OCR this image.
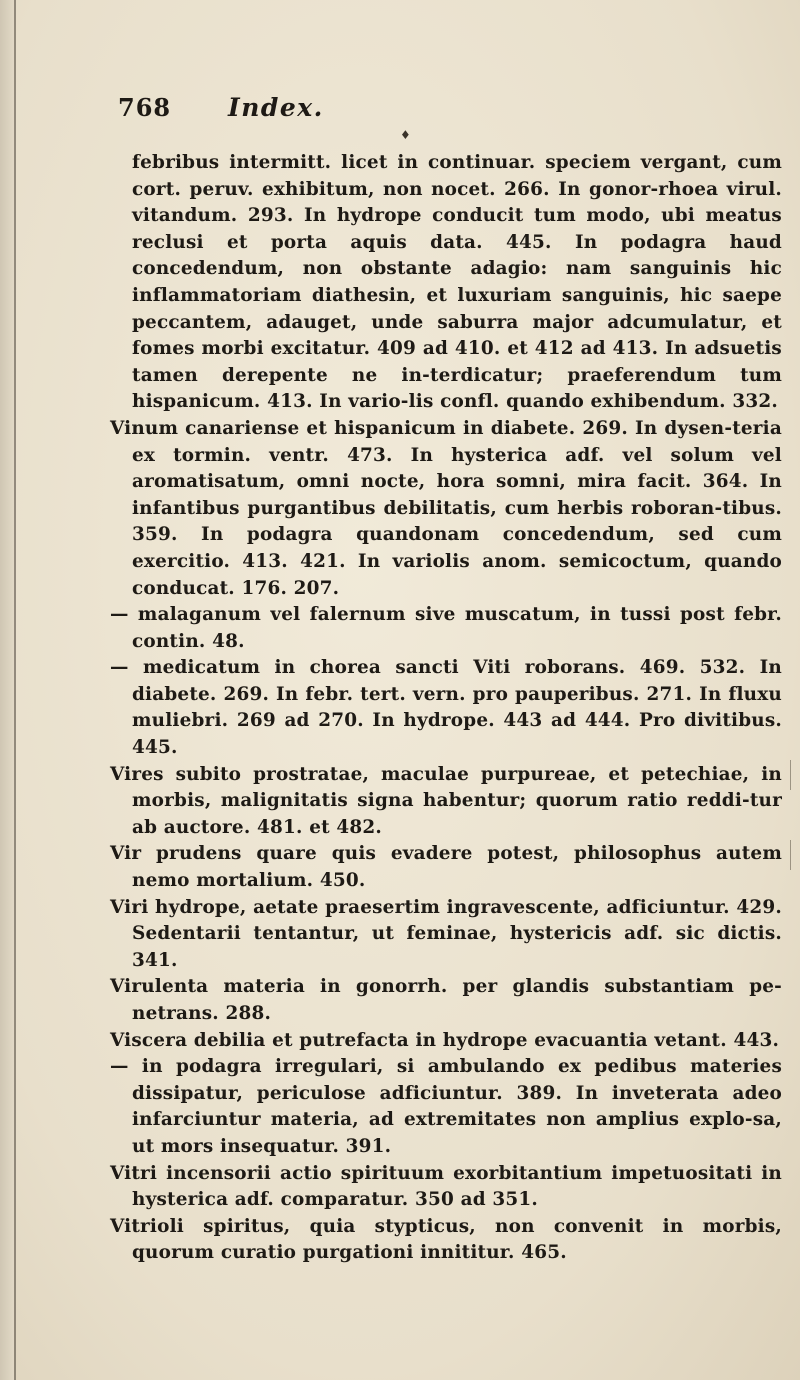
768 Index.
♦

febribus intermitt. licet in continuar. speciem vergant, cum cort. peruv. exhibitum, non nocet. 266. In gonor-rhoea virul. vitandum. 293. In hydrope conducit tum modo, ubi meatus reclusi et porta aquis data. 445. In podagra haud concedendum, non obstante adagio: nam sanguinis hic inflammatoriam diathesin, et luxuriam sanguinis, hic saepe peccantem, adauget, unde saburra major adcumulatur, et fomes morbi excitatur. 409 ad 410. et 412 ad 413. In adsuetis tamen derepente ne in-terdicatur; praeferendum tum hispanicum. 413. In vario-lis confl. quando exhibendum. 332.

Vinum canariense et hispanicum in diabete. 269. In dysen-teria ex tormin. ventr. 473. In hysterica adf. vel solum vel aromatisatum, omni nocte, hora somni, mira facit. 364. In infantibus purgantibus debilitatis, cum herbis roboran-tibus. 359. In podagra quandonam concedendum, sed cum exercitio. 413. 421. In variolis anom. semicoctum, quando conducat. 176. 207.

— malaganum vel falernum sive muscatum, in tussi post febr. contin. 48.

— medicatum in chorea sancti Viti roborans. 469. 532. In diabete. 269. In febr. tert. vern. pro pauperibus. 271. In fluxu muliebri. 269 ad 270. In hydrope. 443 ad 444. Pro divitibus. 445.

Vires subito prostratae, maculae purpureae, et petechiae, in morbis, malignitatis signa habentur; quorum ratio reddi-tur ab auctore. 481. et 482.

Vir prudens quare quis evadere potest, philosophus autem nemo mortalium. 450.

Viri hydrope, aetate praesertim ingravescente, adficiuntur. 429. Sedentarii tentantur, ut feminae, hystericis adf. sic dictis. 341.

Virulenta materia in gonorrh. per glandis substantiam pe-netrans. 288.

Viscera debilia et putrefacta in hydrope evacuantia vetant. 443.

— in podagra irregulari, si ambulando ex pedibus materies dissipatur, periculose adficiuntur. 389. In inveterata adeo infarciuntur materia, ad extremitates non amplius explo-sa, ut mors insequatur. 391.

Vitri incensorii actio spirituum exorbitantium impetuositati in hysterica adf. comparatur. 350 ad 351.

Vitrioli spiritus, quia stypticus, non convenit in morbis, quorum curatio purgationi innititur. 465.
